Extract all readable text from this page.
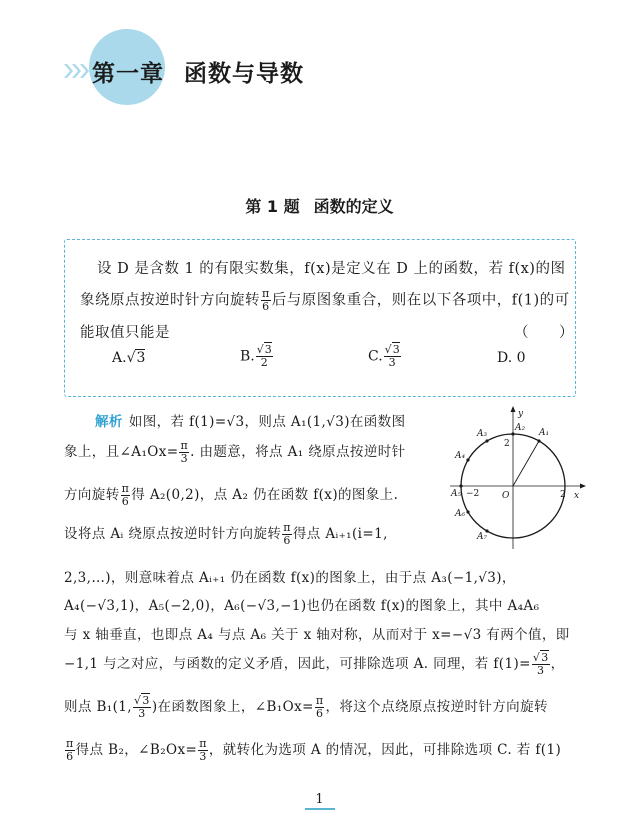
第一章 函数与导数
第 1 题 函数的定义
设 D 是含数 1 的有限实数集，f(x)是定义在 D 上的函数，若 f(x)的图
象绕原点按逆时针方向旋转 $\frac{\pi}{6}$ 后与原图象重合，则在以下各项中，f(1)的可
能取值只能是	（　　）
A.√3	B. $\frac{√3}{2}$	C. $\frac{√3}{3}$	D. 0
解析 如图，若 f(1)=√3，则点 A₁(1,√3)在函数图
象上，且∠A₁Ox= $\frac{\pi}{3}$ . 由题意，将点 A₁ 绕原点按逆时针
方向旋转 $\frac{\pi}{6}$ 得 A₂(0,2)，点 A₂ 仍在函数 f(x)的图象上.
设将点 Aᵢ 绕原点按逆时针方向旋转 $\frac{\pi}{6}$ 得点 Aᵢ₊₁(i=1,
2,3,…)，则意味着点 Aᵢ₊₁ 仍在函数 f(x)的图象上，由于点 A₃(−1,√3)，
A₄(−√3,1)，A₅(−2,0)，A₆(−√3,−1)也仍在函数 f(x)的图象上，其中 A₄A₆
与 x 轴垂直，也即点 A₄ 与点 A₆ 关于 x 轴对称，从而对于 x=−√3 有两个值，即
−1,1 与之对应，与函数的定义矛盾，因此，可排除选项 A. 同理，若 $f(1)= \frac{√3}{3}$ ，
则点 B₁(1, $\frac{√3}{3}$ )在函数图象上，∠B₁Ox= $\frac{\pi}{6}$ ，将这个点绕原点按逆时针方向旋转
$\frac{\pi}{6}$ 得点 B₂，∠B₂Ox= $\frac{\pi}{3}$ ，就转化为选项 A 的情况，因此，可排除选项 C. 若 f(1)
y
x
O	2
2
−2
A₁
A₂
A₃
A₄
A₅
A₆
A₇
1
